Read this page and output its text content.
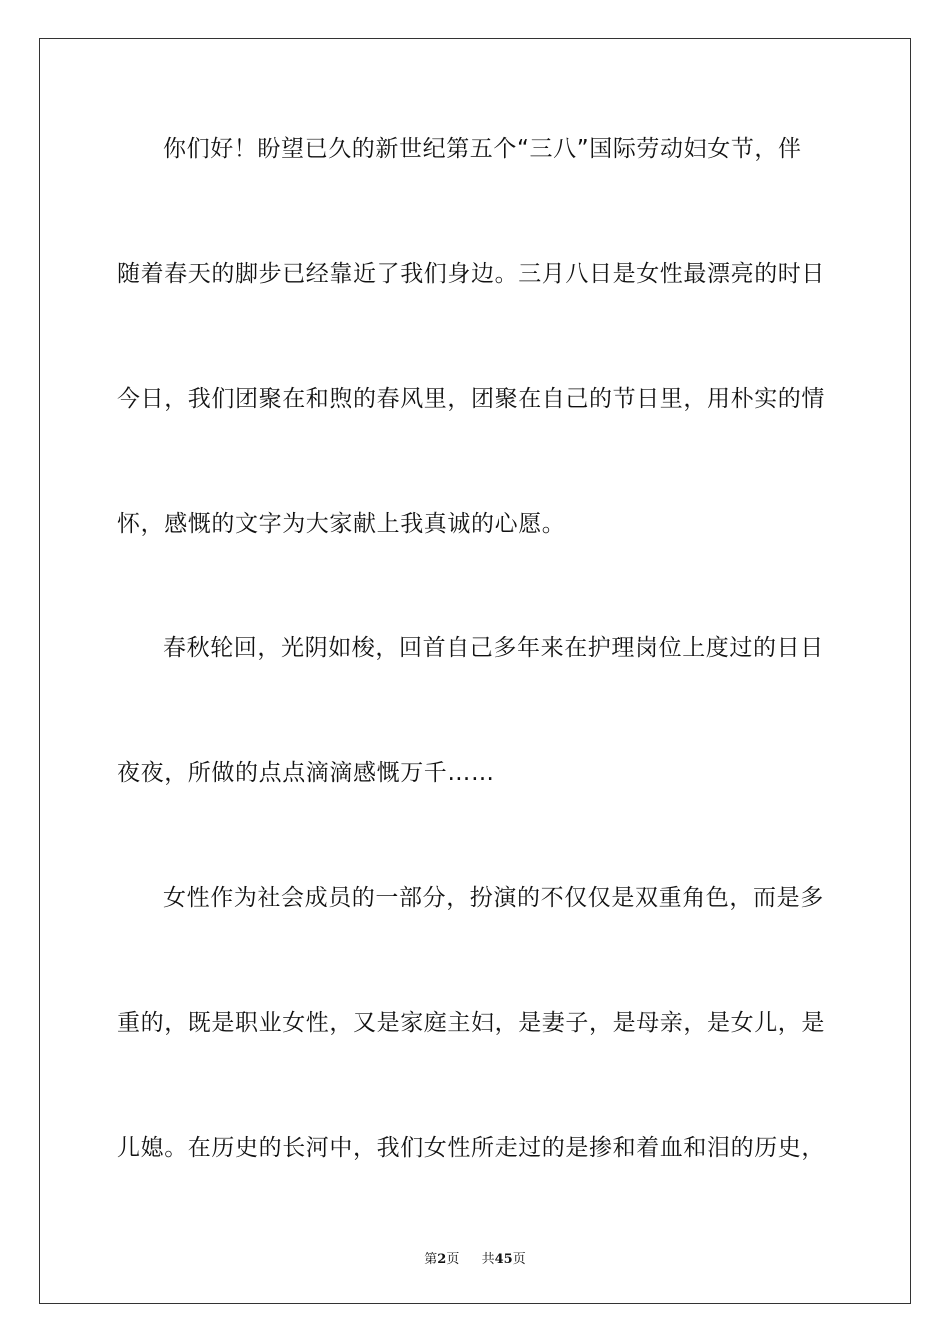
你们好！盼望已久的新世纪第五个“三八”国际劳动妇女节，伴
随着春天的脚步已经靠近了我们身边。三月八日是女性最漂亮的时日
今日，我们团聚在和煦的春风里，团聚在自己的节日里，用朴实的情
怀，感慨的文字为大家献上我真诚的心愿。
春秋轮回，光阴如梭，回首自己多年来在护理岗位上度过的日日
夜夜，所做的点点滴滴感慨万千……
女性作为社会成员的一部分，扮演的不仅仅是双重角色，而是多
重的，既是职业女性，又是家庭主妇，是妻子，是母亲，是女儿，是
儿媳。在历史的长河中，我们女性所走过的是掺和着血和泪的历史，
第2页 共45页
